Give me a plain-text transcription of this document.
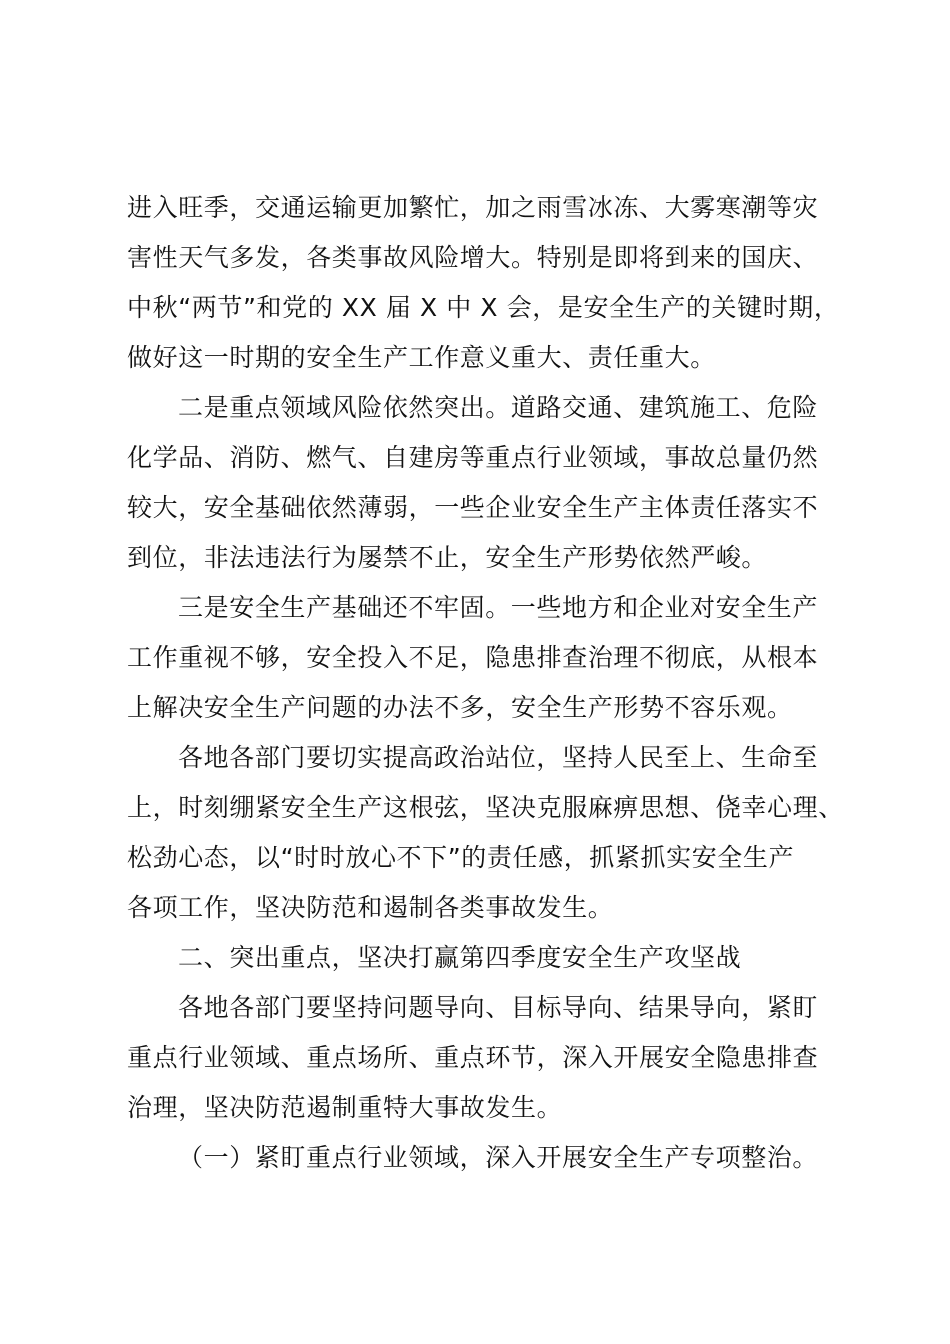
进入旺季，交通运输更加繁忙，加之雨雪冰冻、大雾寒潮等灾
害性天气多发，各类事故风险增大。特别是即将到来的国庆、
中秋“两节”和党的 XX 届 X 中 X 会，是安全生产的关键时期，
做好这一时期的安全生产工作意义重大、责任重大。
二是重点领域风险依然突出。道路交通、建筑施工、危险
化学品、消防、燃气、自建房等重点行业领域，事故总量仍然
较大，安全基础依然薄弱，一些企业安全生产主体责任落实不
到位，非法违法行为屡禁不止，安全生产形势依然严峻。
三是安全生产基础还不牢固。一些地方和企业对安全生产
工作重视不够，安全投入不足，隐患排查治理不彻底，从根本
上解决安全生产问题的办法不多，安全生产形势不容乐观。
各地各部门要切实提高政治站位，坚持人民至上、生命至
上，时刻绷紧安全生产这根弦，坚决克服麻痹思想、侥幸心理、
松劲心态，以“时时放心不下”的责任感，抓紧抓实安全生产
各项工作，坚决防范和遏制各类事故发生。
二、突出重点，坚决打赢第四季度安全生产攻坚战
各地各部门要坚持问题导向、目标导向、结果导向，紧盯
重点行业领域、重点场所、重点环节，深入开展安全隐患排查
治理，坚决防范遏制重特大事故发生。
（一）紧盯重点行业领域，深入开展安全生产专项整治。
